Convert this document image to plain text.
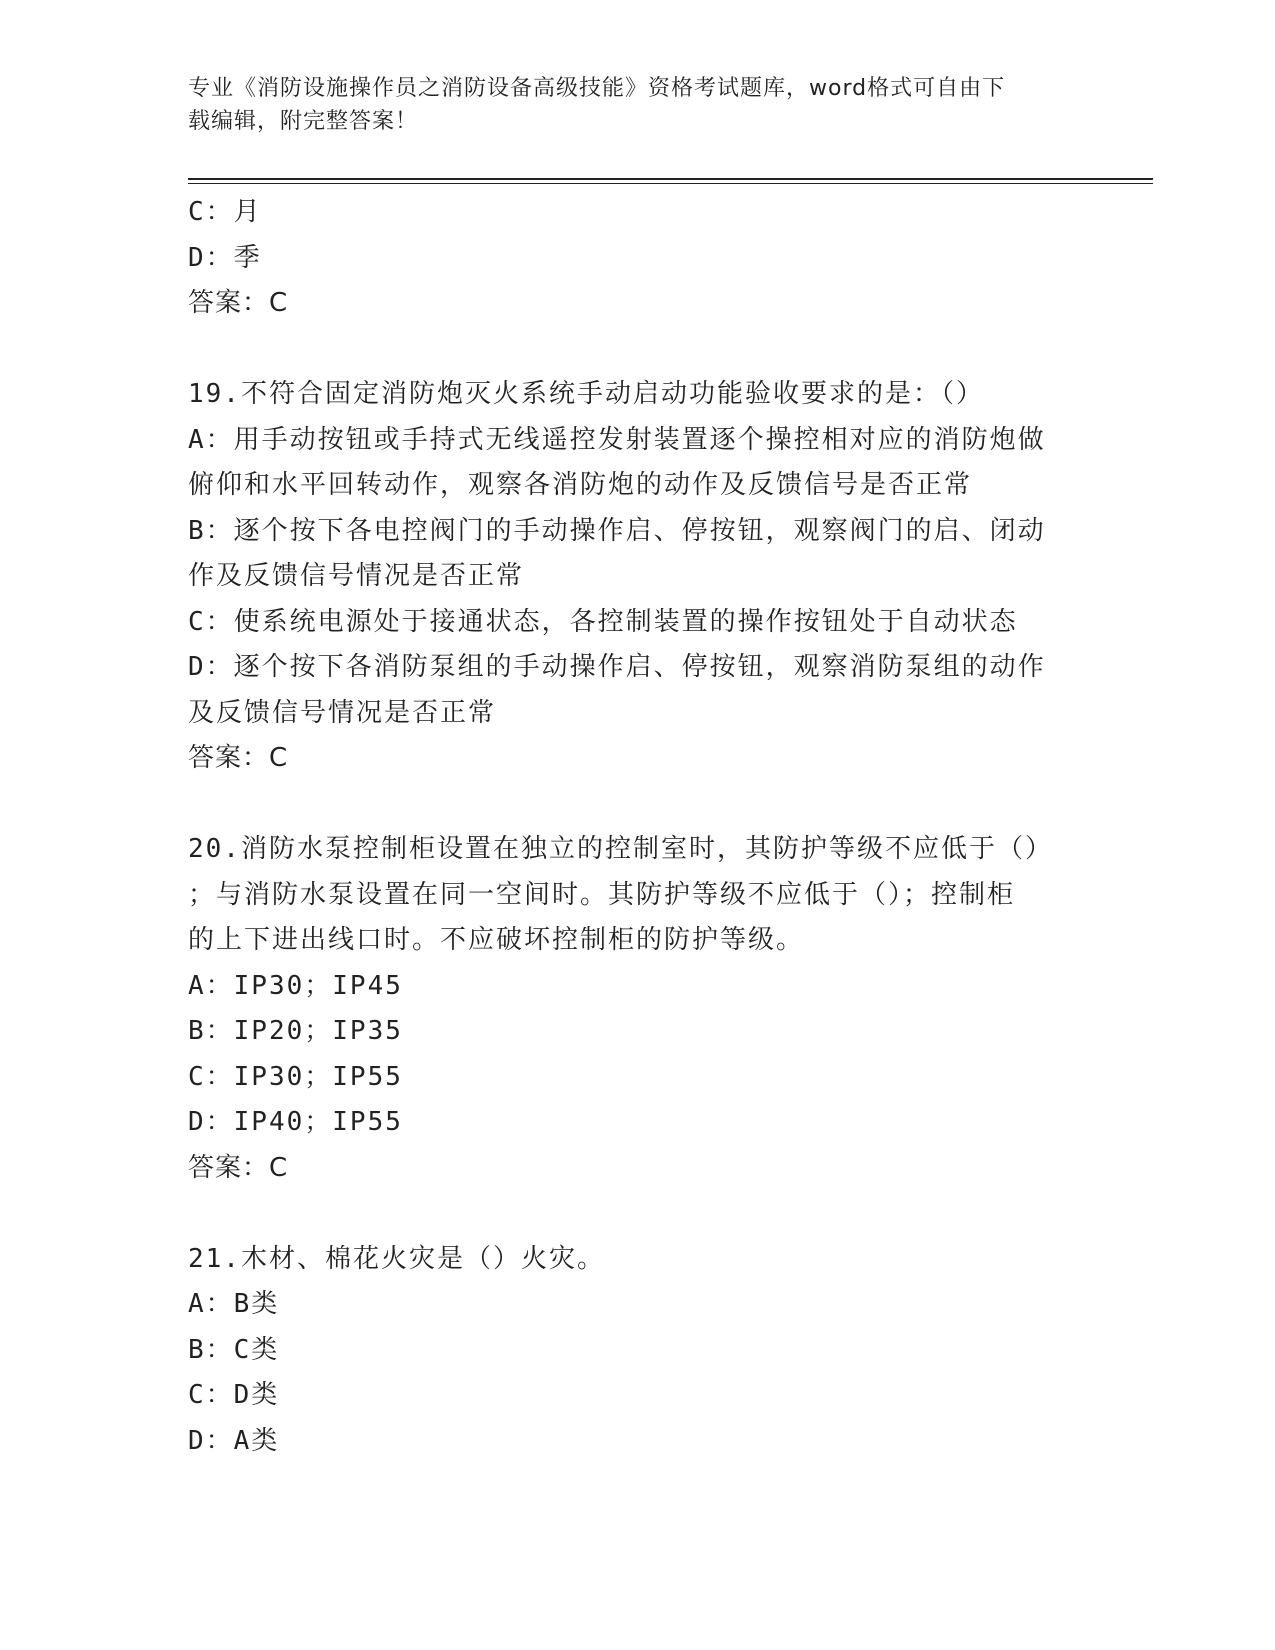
专业《消防设施操作员之消防设备高级技能》资格考试题库，word格式可自由下
载编辑，附完整答案！
C：月
D：季
答案：C
19.不符合固定消防炮灭火系统手动启动功能验收要求的是：（）
A：用手动按钮或手持式无线遥控发射装置逐个操控相对应的消防炮做
俯仰和水平回转动作，观察各消防炮的动作及反馈信号是否正常
B：逐个按下各电控阀门的手动操作启、停按钮，观察阀门的启、闭动
作及反馈信号情况是否正常
C：使系统电源处于接通状态，各控制装置的操作按钮处于自动状态
D：逐个按下各消防泵组的手动操作启、停按钮，观察消防泵组的动作
及反馈信号情况是否正常
答案：C
20.消防水泵控制柜设置在独立的控制室时，其防护等级不应低于（）
；与消防水泵设置在同一空间时。其防护等级不应低于（）；控制柜
的上下进出线口时。不应破坏控制柜的防护等级。
A：IP30；IP45
B：IP20；IP35
C：IP30；IP55
D：IP40；IP55
答案：C
21.木材、棉花火灾是（）火灾。
A：B类
B：C类
C：D类
D：A类
